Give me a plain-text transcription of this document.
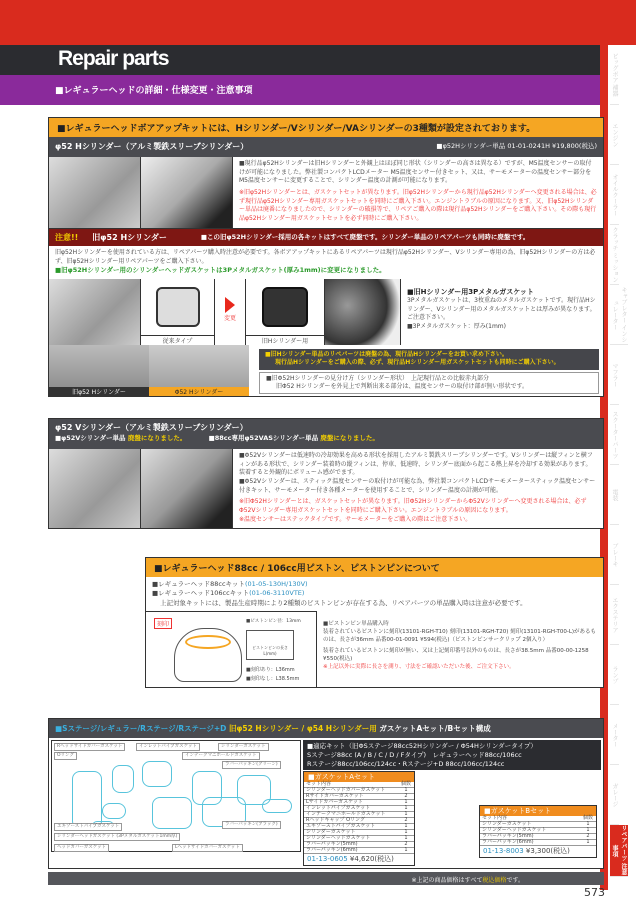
Repair parts
■レギュラーヘッドの詳細・仕様変更・注意事項	ビッグボア 補器
エンジン
オイルクーラー
クラッチ ミッション
キャブレター インシュレーター
マフラー
スクーターパーツ
電装
ブレーキ
エクステリア
ランプ
メーター
ガレージ
リペアパーツ 注意事項
■レギュラーヘッドボアアップキットには、Hシリンダー/Vシリンダー/VAシリンダーの3種類が設定されております。
φ52 Hシリンダー（アルミ製鉄スリーブシリンダー）	■φ52Hシリンダー単品 01-01-0241H ¥19,800(税込)
■現行品φ52Hシリンダーは旧Hシリンダーと外観上はほぼ同じ形状（シリンダーの高さは異なる）ですが、M5温度センサーの取付けが可能になりました。弊社製コンパクトLCDメーター M5温度センサー付きセット、又は、サーモメーターの温度センサー部分をM5温度センサーに変更することで、シリンダー温度の計測が可能になります。
※旧φ52Hシリンダーとは、ガスケットセットが異なります。旧φ52Hシリンダーから現行品φ52Hシリンダーへ変更される場合は、必ず現行品φ52Hシリンダー専用ガスケットセットを同時にご購入下さい。エンジントラブルの原因になります。又、旧φ52Hシリンダー単品は廃番になりましたので、シリンダーの破損等で、リペアご購入の際は現行品φ52Hシリンダーをご購入下さい。その際も現行品φ52Hシリンダー用ガスケットセットを必ず同時にご購入下さい。
注意!! 旧φ52 Hシリンダー	■この旧φ52Hシリンダー採用の各キットはすべて廃盤です。シリンダー単品のリペアパーツも同時に廃盤です。
旧φ52Hシリンダーを使用されている方は、リペアパーツ購入時注意が必要です。各ボアアップキットにあるリペアパーツは現行品φ52Hシリンダー、Vシリンダー専用の為、旧φ52Hシリンダーの方は必ず、旧φ52Hシリンダー用リペアパーツをご購入下さい。
■旧φ52Hシリンダー用のシリンダーヘッドガスケットは3Pメタルガスケット(厚み1mm)に変更になりました。
従来タイプ
変更
旧Hシリンダー用
■旧Hシリンダー用3Pメタルガスケット
3Pメタルガスケットは、3枚重ねのメタルガスケットです。現行品Hシリンダー、Vシリンダー用のメタルガスケットとは厚みが異なります。ご注意下さい。
■3Pメタルガスケット：厚み(1mm)
旧φ52 Hシリンダー	Φ52 Hシリンダー
■旧Hシリンダー単品のリペパーツは廃盤の為、現行品Hシリンダーをお買い求め下さい。
現行品Hシリンダーをご購入の際、必ず、現行品Hシリンダー用ガスケットセットも同時にご購入下さい。
■旧Φ52Hシリンダーの見分け方（シリンダー形状）　上記現行品との比較赤丸部分
旧Φ52 Hシリンダーを外見上で判断出来る部分は、温度センサーの取付け部が無い形状です。
φ52 Vシリンダー（アルミ製鉄スリーブシリンダー）
■φ52Vシリンダー単品 廃盤になりました。	■88cc専用φ52VASシリンダー単品 廃盤になりました。
■Φ52Vシリンダーは低速時の冷却効果を高める形状を採用したアルミ製鉄スリーブシリンダーです。Vシリンダーは縦フィンと横フィンがある形状で、シリンダー装着時の縦フィンは、停車、低速時、シリンダー底面から起こる熱上昇を冷却する効果があります。装着すると外観的にボリューム感がでます。
■Φ52Vシリンダーは、スティック温度センサーの取付けが可能な為、弊社製コンパクトLCDサーモメータースティック温度センサー付きキット、サーモメーター付き各種メーターを使用することで、シリンダー温度の計測が可能。
※旧Φ52Hシリンダーとは、ガスケットセットが異なります。旧Φ52HシリンダーからΦ52Vシリンダーへ変更される場合は、必ずΦ52Vシリンダー専用ガスケットセットを同時にご購入下さい。エンジントラブルの原因になります。
※温度センサーはステックタイプです。サーモメーターをご購入の際はご注意下さい。
■レギュラーヘッド88cc / 106cc用ピストン、ピストンピンについて
■レギュラーヘッド88ccキット(01-05-130H/130V)
■レギュラーヘッド106ccキット(01-06-3110VTE)
上記対象キットには、製品生産時期により2種類のピストンピンが存在する為、リペアパーツの単品購入時は注意が必要です。
刻印	■ピストンピン径：13mm
ピストンピンの長さ L(mm)
■刻印あり：L36mm
■刻印なし：L38.5mm
■ピストンピン単品購入時
装着されているピストンに刻印(13101-RGH-T10) 刻印(13101-RGH-T20) 刻印(13101-RGH-T00-L)があるものは、長さが36mm 品番00-01-0091 ¥594(税込)（ピストンピンサークリップ 2個入り）
装着されているピストンに刻印が無い、又は上記刻印番号以外のものは、長さが38.5mm 品番00-00-1258 ¥550(税込)
※上記以外に実際に長さを測り、寸法をご確認いただいた後、ご注文下さい。
■Sステージ/レギュラー/Rステージ/Rステージ+D 旧φ52 Hシリンダー / φ54 Hシリンダー用 ガスケットAセット/Bセット構成
Rヘッドサイドカバーガスケット	インレットパイプガスケット	シリンダーガスケット
Oリング	インテークマニホールドガスケット
ラバーパッキン(グリーン)
ラバーパッキン(ブラック)
エキゾーストパイプガスケット
シリンダーヘッドガスケット (3Pメタルガスケット1mm厚)
ヘッドカバーガスケット	Lヘッドサイドカバーガスケット
■適応キット（旧ΦSステージ88cc52Hシリンダー / Φ54Hシリンダータイプ）
Sステージ88cc (A / B / C / D / Fタイプ)　レギュラーヘッド88cc/106cc
Rステージ88cc/106cc/124cc・Rステージ+D 88cc/106cc/124cc
■ガスケットAセット
セット内容	個数
シリンダーヘッドカバーガスケット	1
Rサイドカバーガスケット	2
Lサイドカバーガスケット	1
インレットパイプガスケット	1
インテークマニホールドガスケット	1
Rヘッドキャップ Oリング	2
エキゾーストパイプガスケット	1
シリンダーガスケット	1
シリンダーヘッドガスケット	1
ラバーパッキン(5mm)	2
ラバーパッキン(6mm)	1
01-13-0605 ¥4,620(税込)
■ガスケットBセット
セット内容	個数
シリンダーガスケット	1
シリンダーヘッドガスケット	1
ラバーパッキン(5mm)	2
ラバーパッキン(6mm)	1
01-13-8003 ¥3,300(税込)
※上記の商品価格はすべて税込価格です。
573
